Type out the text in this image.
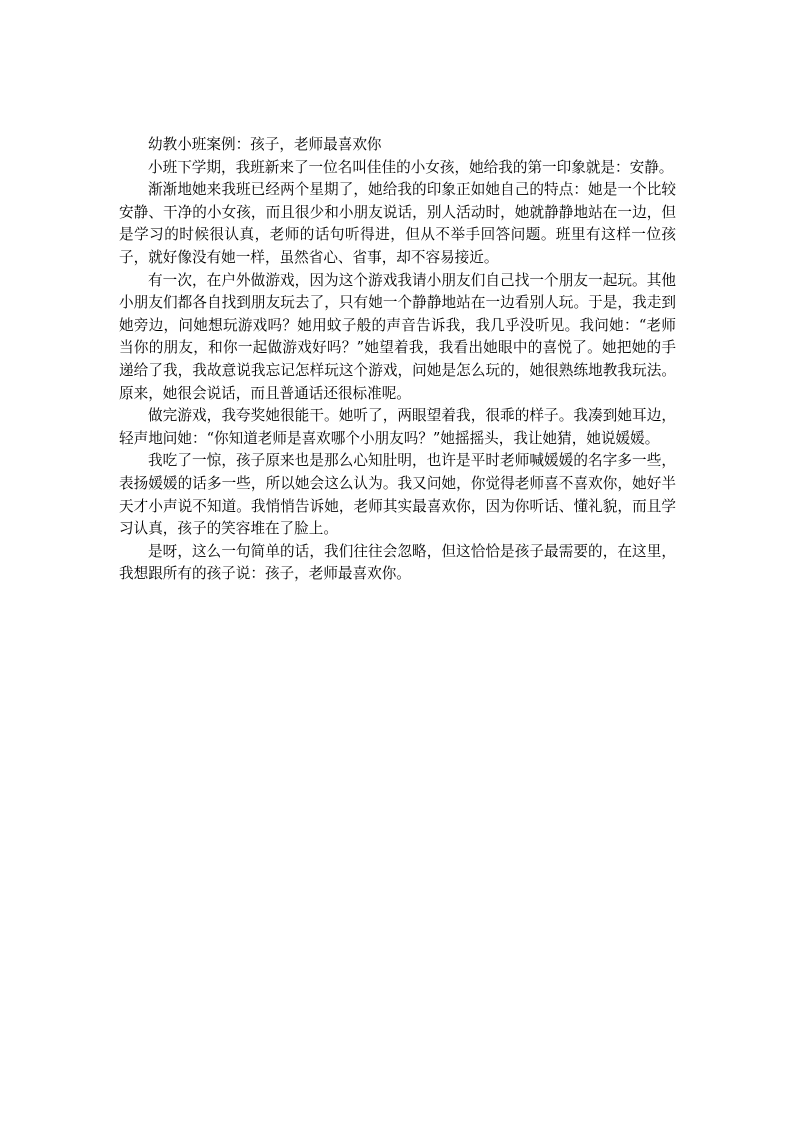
幼教小班案例：孩子，老师最喜欢你

小班下学期，我班新来了一位名叫佳佳的小女孩，她给我的第一印象就是：安静。

渐渐地她来我班已经两个星期了，她给我的印象正如她自己的特点：她是一个比较安静、干净的小女孩，而且很少和小朋友说话，别人活动时，她就静静地站在一边，但是学习的时候很认真，老师的话句听得进，但从不举手回答问题。班里有这样一位孩子，就好像没有她一样，虽然省心、省事，却不容易接近。

有一次，在户外做游戏，因为这个游戏我请小朋友们自己找一个朋友一起玩。其他小朋友们都各自找到朋友玩去了，只有她一个静静地站在一边看别人玩。于是，我走到她旁边，问她想玩游戏吗？她用蚊子般的声音告诉我，我几乎没听见。我问她：“老师当你的朋友，和你一起做游戏好吗？”她望着我，我看出她眼中的喜悦了。她把她的手递给了我，我故意说我忘记怎样玩这个游戏，问她是怎么玩的，她很熟练地教我玩法。原来，她很会说话，而且普通话还很标准呢。

做完游戏，我夸奖她很能干。她听了，两眼望着我，很乖的样子。我凑到她耳边，轻声地问她：“你知道老师是喜欢哪个小朋友吗？”她摇摇头，我让她猜，她说媛媛。

我吃了一惊，孩子原来也是那么心知肚明，也许是平时老师喊媛媛的名字多一些，表扬媛媛的话多一些，所以她会这么认为。我又问她，你觉得老师喜不喜欢你，她好半天才小声说不知道。我悄悄告诉她，老师其实最喜欢你，因为你听话、懂礼貌，而且学习认真，孩子的笑容堆在了脸上。

是呀，这么一句简单的话，我们往往会忽略，但这恰恰是孩子最需要的，在这里，我想跟所有的孩子说：孩子，老师最喜欢你。
